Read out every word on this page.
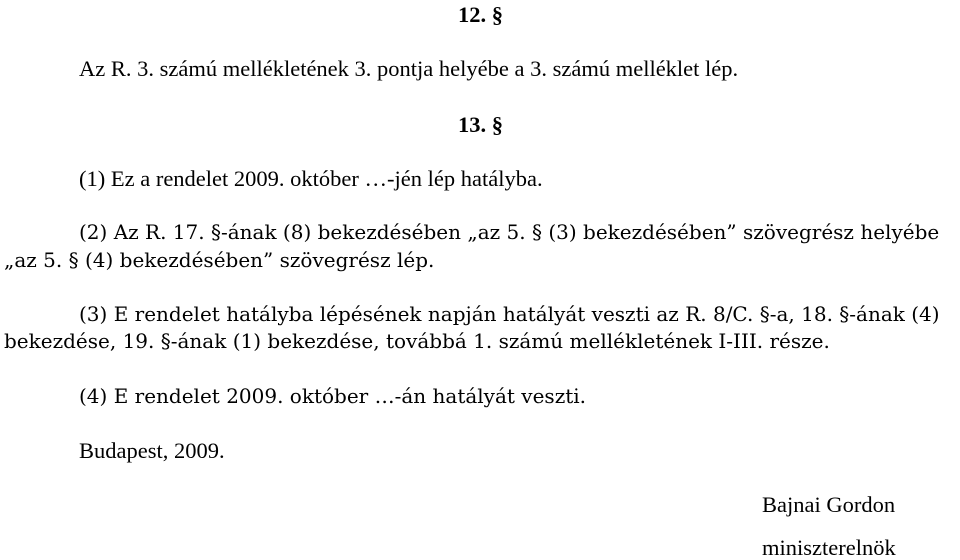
12. §
Az R. 3. számú mellékletének 3. pontja helyébe a 3. számú melléklet lép.
13. §
(1) Ez a rendelet 2009. október …-jén lép hatályba.
(2) Az R. 17. §-ának (8) bekezdésében „az 5. § (3) bekezdésében” szövegrész helyébe
„az 5. § (4) bekezdésében” szövegrész lép.
(3) E rendelet hatályba lépésének napján hatályát veszti az R. 8/C. §-a, 18. §-ának (4)
bekezdése, 19. §-ának (1) bekezdése, továbbá 1. számú mellékletének I-III. része.
(4) E rendelet 2009. október …-án hatályát veszti.
Budapest, 2009.
Bajnai Gordon
miniszterelnök
